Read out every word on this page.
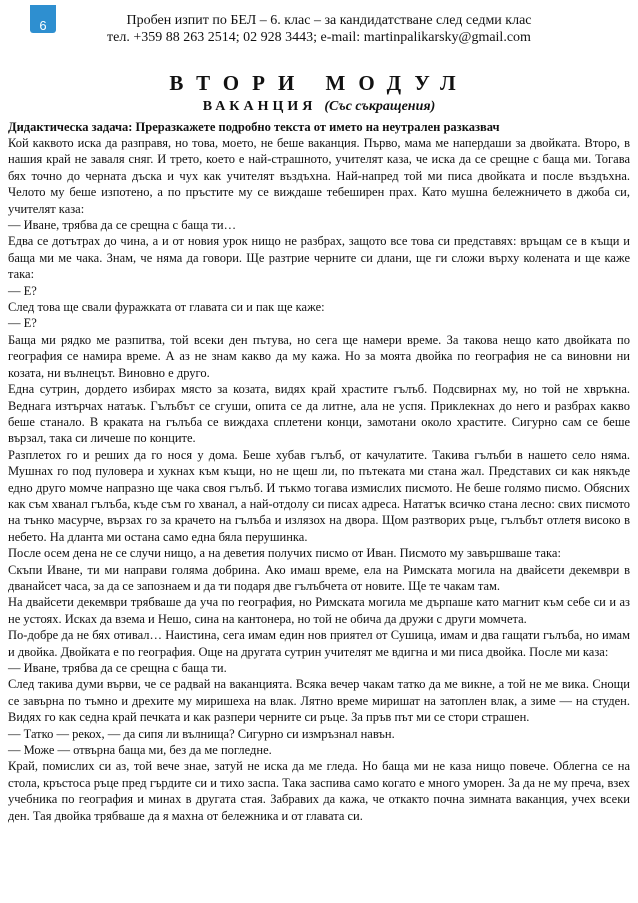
6	Пробен изпит по БЕЛ – 6. клас – за кандидатстване след седми клас
тел. +359 88 263 2514; 02 928 3443; e-mail: martinpalikarsky@gmail.com
ВТОРИ МОДУЛ
ВАКАНЦИЯ (Със съкращения)
Дидактическа задача: Преразкажете подробно текста от името на неутрален разказвач

Кой каквото иска да разправя, но това, моето, не беше ваканция. Първо, мама ме напердаши за двойката. Второ, в нашия край не заваля сняг. И трето, което е най-страшното, учителят каза, че иска да се срещне с баща ми. Тогава бях точно до черната дъска и чух как учителят въздъхна. Най-напред той ми писа двойката и после въздъхна. Челото му беше изпотено, а по пръстите му се виждаше тебеширен прах. Като мушна бележничето в джоба си, учителят каза:

— Иване, трябва да се срещна с баща ти…

Едва се дотътрах до чина, а и от новия урок нищо не разбрах, защото все това си представях: връщам се в къщи и баща ми ме чака. Знам, че няма да говори. Ще разтрие черните си длани, ще ги сложи върху колената и ще каже така:

— Е?

След това ще свали фуражката от главата си и пак ще каже:

— Е?

Баща ми рядко ме разпитва, той всеки ден пътува, но сега ще намери време. За такова нещо като двойката по география се намира време. А аз не знам какво да му кажа. Но за моята двойка по география не са виновни ни козата, ни вълнецът. Виновно е друго.

Една сутрин, дордето избирах място за козата, видях край храстите гълъб. Подсвирнах му, но той не хвръкна. Веднага изтърчах натаък. Гълъбът се сгуши, опита се да литне, ала не успя. Приклекнах до него и разбрах какво беше станало. В краката на гълъба се виждаха сплетени конци, замотани около храстите. Сигурно сам се беше вързал, така си личеше по конците.

Разплетох го и реших да го нося у дома. Беше хубав гълъб, от качулатите. Такива гълъби в нашето село няма. Мушнах го под пуловера и хукнах към къщи, но не щеш ли, по пътеката ми стана жал. Представих си как някъде едно друго момче напразно ще чака своя гълъб. И тъкмо тогава измислих писмото. Не беше голямо писмо. Обясних как съм хванал гълъба, къде съм го хванал, а най-отдолу си писах адреса. Нататък всичко стана лесно: свих писмото на тънко масурче, вързах го за крачето на гълъба и излязох на двора. Щом разтворих ръце, гълъбът отлетя високо в небето. На дланта ми остана само една бяла перушинка.

После осем дена не се случи нищо, а на деветия получих писмо от Иван. Писмото му завършваше така:

Скъпи Иване, ти ми направи голяма добрина. Ако имаш време, ела на Римската могила на двайсети декември в дванайсет часа, за да се запознаем и да ти подаря две гълъбчета от новите. Ще те чакам там.

На двайсети декември трябваше да уча по география, но Римската могила ме дърпаше като магнит към себе си и аз не устоях. Исках да взема и Нешо, сина на кантонера, но той не обича да дружи с други момчета.

По-добре да не бях отивал… Наистина, сега имам един нов приятел от Сушица, имам и два гащати гълъба, но имам и двойка. Двойката е по география. Още на другата сутрин учителят ме вдигна и ми писа двойка. После ми каза:

— Иване, трябва да се срещна с баща ти.

След такива думи върви, че се радвай на ваканцията. Всяка вечер чакам татко да ме викне, а той не ме вика. Снощи се завърна по тъмно и дрехите му миришеха на влак. Лятно време миришат на затоплен влак, а зиме — на студен. Видях го как седна край печката и как разпери черните си ръце. За пръв път ми се стори страшен.

— Татко — рекох, — да сипя ли вълнища? Сигурно си измръзнал навън.

— Може — отвърна баща ми, без да ме погледне.

Край, помислих си аз, той вече знае, затуй не иска да ме гледа. Но баща ми не каза нищо повече. Облегна се на стола, кръстоса ръце пред гърдите си и тихо заспа. Така заспива само когато е много уморен. За да не му преча, взех учебника по география и минах в другата стая. Забравих да кажа, че откакто почна зимната ваканция, учех всеки ден. Тая двойка трябваше да я махна от бележника и от главата си.
